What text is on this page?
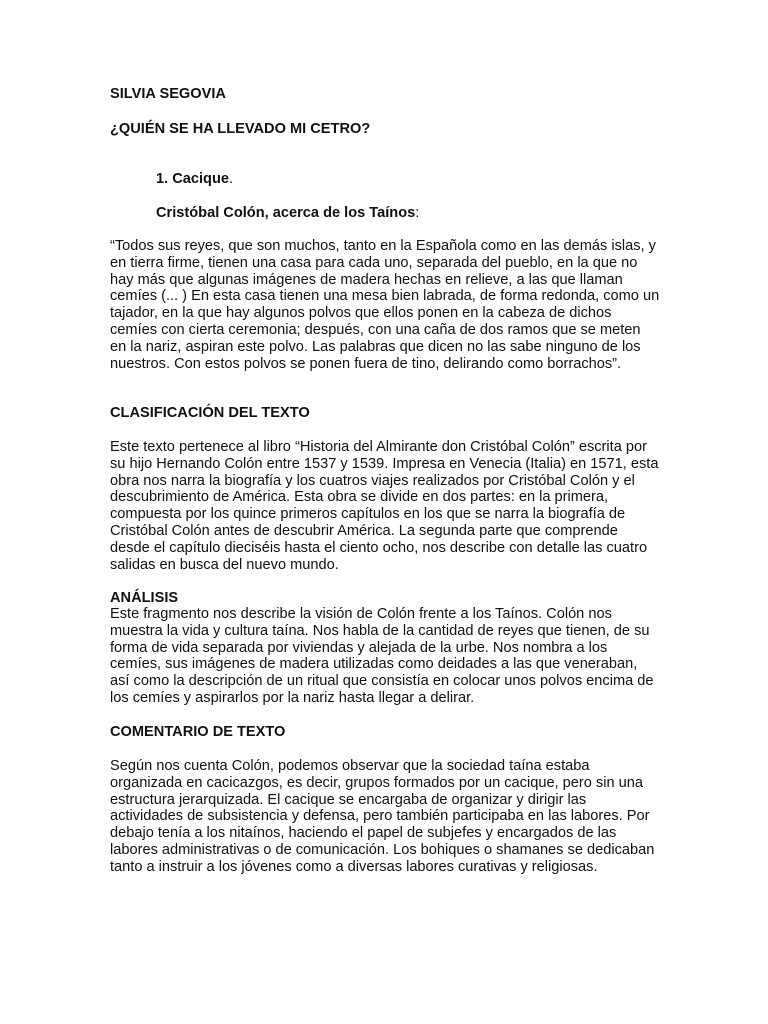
SILVIA SEGOVIA
¿QUIÉN SE HA LLEVADO MI CETRO?
1. Cacique.
Cristóbal Colón, acerca de los Taínos:

“Todos sus reyes, que son muchos, tanto en la Española como en las demás islas, y en tierra firme, tienen una casa para cada uno, separada del pueblo, en la que no hay más que algunas imágenes de madera hechas en relieve, a las que llaman cemíes (... ) En esta casa tienen una mesa bien labrada, de forma redonda, como un tajador, en la que hay algunos polvos que ellos ponen en la cabeza de dichos cemíes con cierta ceremonia; después, con una caña de dos ramos que se meten en la nariz, aspiran este polvo. Las palabras que dicen no las sabe ninguno de los nuestros. Con estos polvos se ponen fuera de tino, delirando como borrachos”.

CLASIFICACIÓN DEL TEXTO

Este texto pertenece al libro “Historia del Almirante don Cristóbal Colón” escrita por su hijo Hernando Colón entre 1537 y 1539. Impresa en Venecia (Italia) en 1571, esta obra nos narra la biografía y los cuatros viajes realizados por Cristóbal Colón y el descubrimiento de América. Esta obra se divide en dos partes: en la primera, compuesta por los quince primeros capítulos en los que se narra la biografía de Cristóbal Colón antes de descubrir América. La segunda parte que comprende desde el capítulo dieciséis hasta el ciento ocho, nos describe con detalle las cuatro salidas en busca del nuevo mundo.

ANÁLISIS

Este fragmento nos describe la visión de Colón frente a los Taínos. Colón nos muestra la vida y cultura taína. Nos habla de la cantidad de reyes que tienen, de su forma de vida separada por viviendas y alejada de la urbe. Nos nombra a los cemíes, sus imágenes de madera utilizadas como deidades a las que veneraban, así como la descripción de un ritual que consistía en colocar unos polvos encima de los cemíes y aspirarlos por la nariz hasta llegar a delirar.

COMENTARIO DE TEXTO

Según nos cuenta Colón, podemos observar que la sociedad taína estaba organizada en cacicazgos, es decir, grupos formados por un cacique, pero sin una estructura jerarquizada. El cacique se encargaba de organizar y dirigir las actividades de subsistencia y defensa, pero también participaba en las labores. Por debajo tenía a los nitaínos, haciendo el papel de subjefes y encargados de las labores administrativas o de comunicación. Los bohiques o shamanes se dedicaban tanto a instruir a los jóvenes como a diversas labores curativas y religiosas.
